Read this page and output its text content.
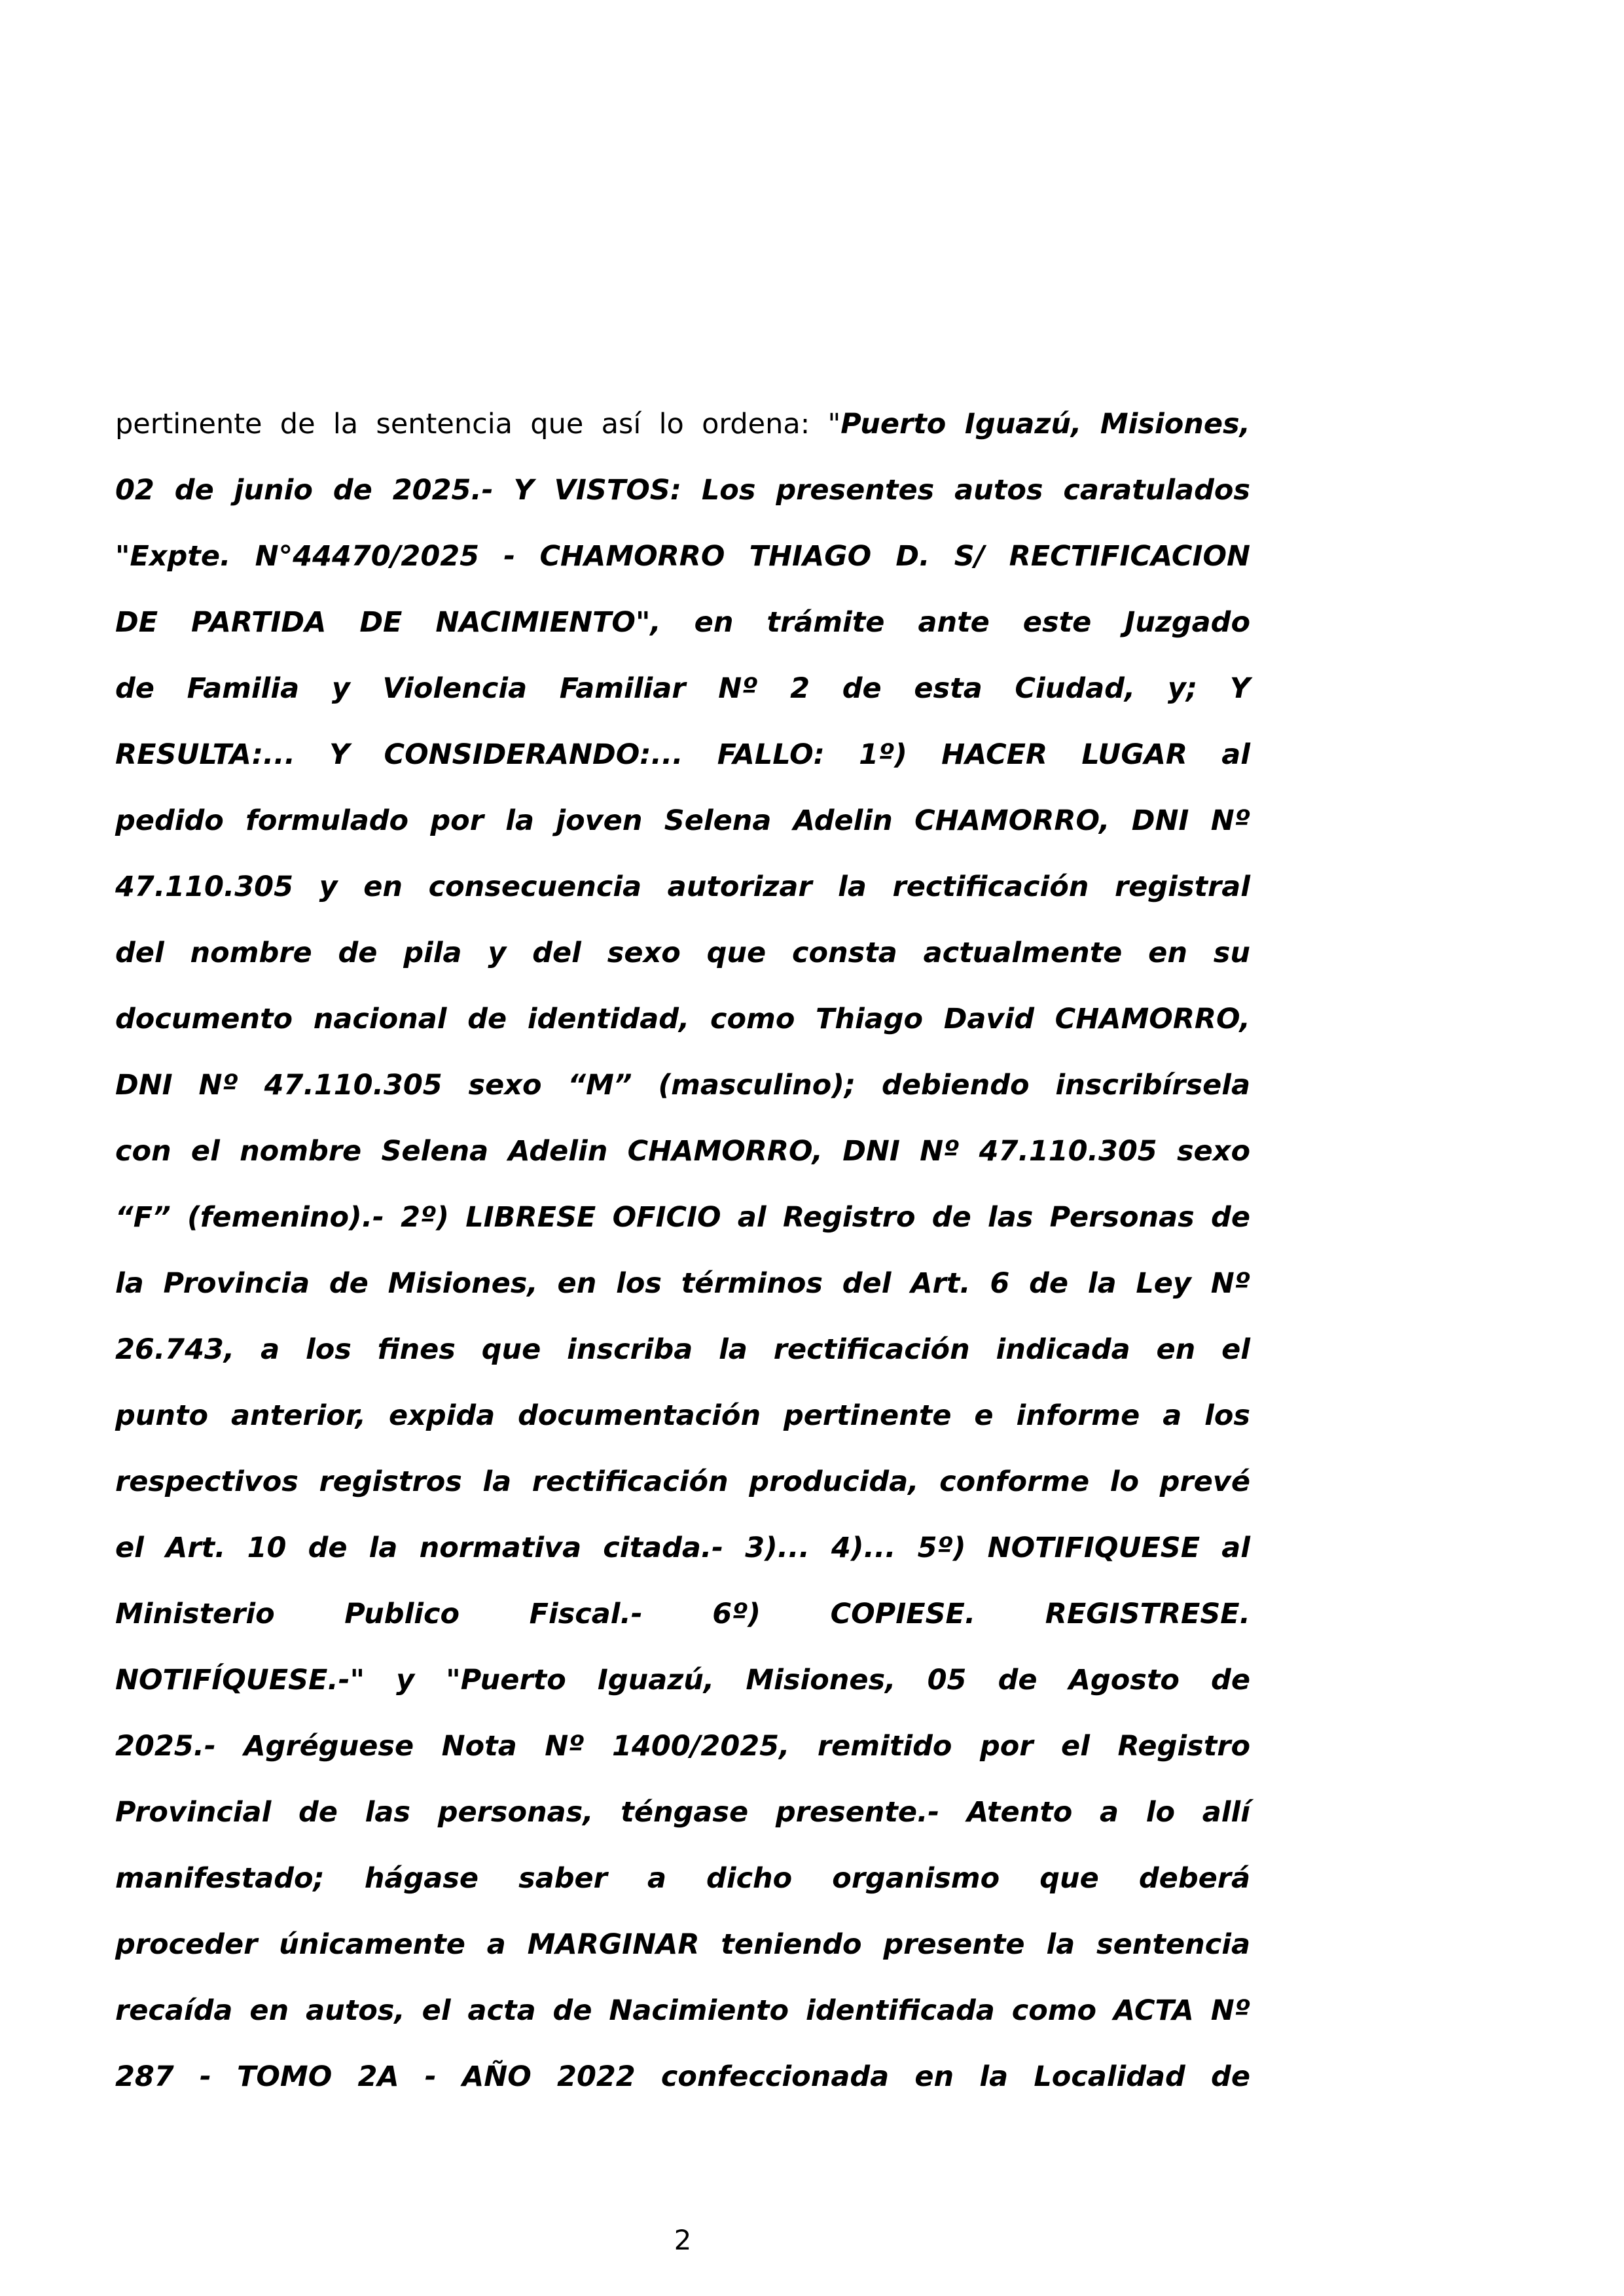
pertinente de la sentencia que así lo ordena: "Puerto Iguazú, Misiones,
02 de junio de 2025.- Y VISTOS: Los presentes autos caratulados
"Expte. N°44470/2025 - CHAMORRO THIAGO D. S/ RECTIFICACION
DE PARTIDA DE NACIMIENTO", en trámite ante este Juzgado
de Familia y Violencia Familiar Nº 2 de esta Ciudad, y; Y
RESULTA:... Y CONSIDERANDO:... FALLO: 1º) HACER LUGAR al
pedido formulado por la joven Selena Adelin CHAMORRO, DNI Nº
47.110.305 y en consecuencia autorizar la rectificación registral
del nombre de pila y del sexo que consta actualmente en su
documento nacional de identidad, como Thiago David CHAMORRO,
DNI Nº 47.110.305 sexo “M” (masculino); debiendo inscribírsela
con el nombre Selena Adelin CHAMORRO, DNI Nº 47.110.305 sexo
“F” (femenino).- 2º) LIBRESE OFICIO al Registro de las Personas de
la Provincia de Misiones, en los términos del Art. 6 de la Ley Nº
26.743, a los fines que inscriba la rectificación indicada en el
punto anterior, expida documentación pertinente e informe a los
respectivos registros la rectificación producida, conforme lo prevé
el Art. 10 de la normativa citada.- 3)... 4)... 5º) NOTIFIQUESE al
Ministerio Publico Fiscal.- 6º) COPIESE. REGISTRESE.
NOTIFÍQUESE.-" y "Puerto Iguazú, Misiones, 05 de Agosto de
2025.- Agréguese Nota Nº 1400/2025, remitido por el Registro
Provincial de las personas, téngase presente.- Atento a lo allí
manifestado; hágase saber a dicho organismo que deberá
proceder únicamente a MARGINAR teniendo presente la sentencia
recaída en autos, el acta de Nacimiento identificada como ACTA Nº
287 - TOMO 2A - AÑO 2022 confeccionada en la Localidad de
2
